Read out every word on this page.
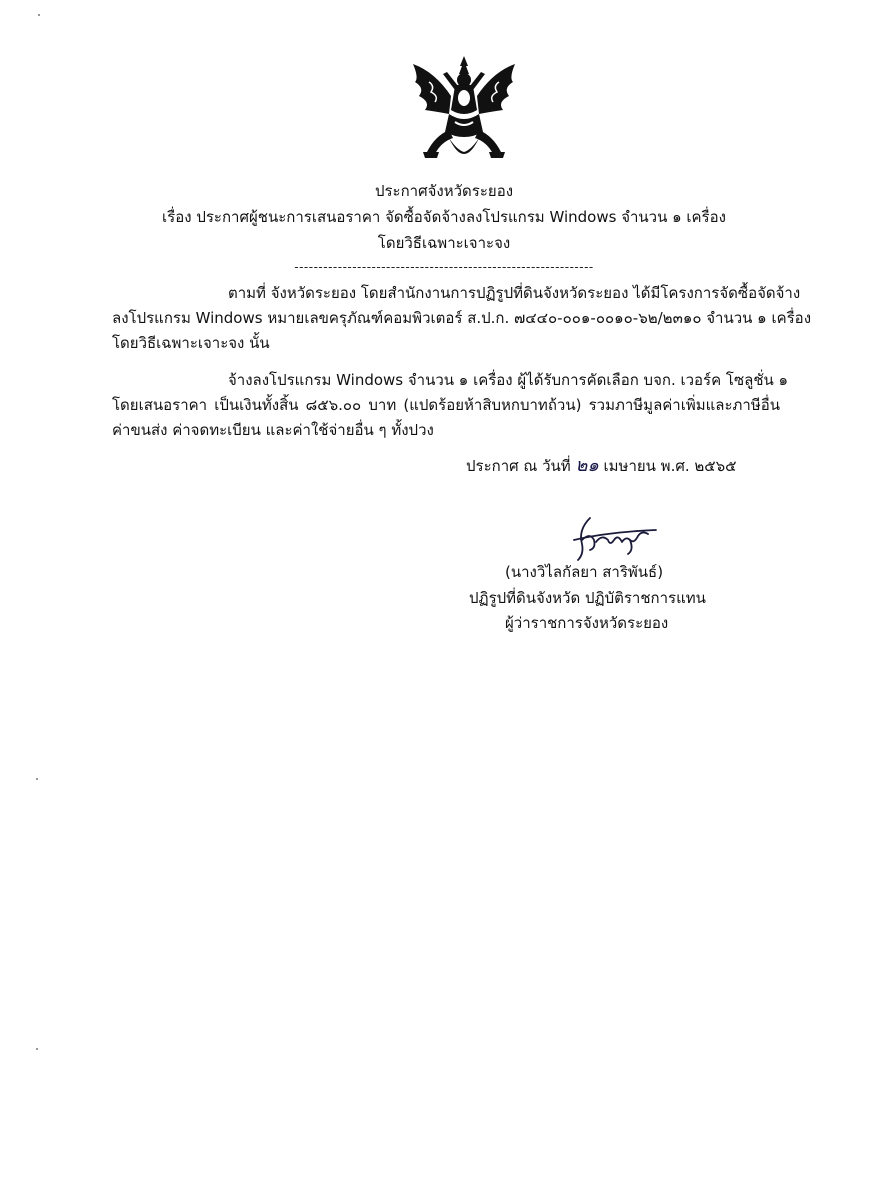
ประกาศจังหวัดระยอง
เรื่อง ประกาศผู้ชนะการเสนอราคา จัดซื้อจัดจ้างลงโปรแกรม Windows จำนวน ๑ เครื่อง
โดยวิธีเฉพาะเจาะจง
--------------------------------------------------------------
ตามที่ จังหวัดระยอง โดยสำนักงานการปฏิรูปที่ดินจังหวัดระยอง ได้มีโครงการจัดซื้อจัดจ้าง
ลงโปรแกรม Windows หมายเลขครุภัณฑ์คอมพิวเตอร์ ส.ป.ก. ๗๔๔๐-๐๐๑-๐๐๑๐-๖๒/๒๓๑๐ จำนวน ๑ เครื่อง
โดยวิธีเฉพาะเจาะจง นั้น
จ้างลงโปรแกรม Windows จำนวน ๑ เครื่อง ผู้ได้รับการคัดเลือก บจก. เวอร์ค โซลูชั่น ๑
โดยเสนอราคา เป็นเงินทั้งสิ้น ๘๕๖.๐๐ บาท (แปดร้อยห้าสิบหกบาทถ้วน) รวมภาษีมูลค่าเพิ่มและภาษีอื่น
ค่าขนส่ง ค่าจดทะเบียน และค่าใช้จ่ายอื่น ๆ ทั้งปวง
ประกาศ ณ วันที่ ๒๑ เมษายน พ.ศ. ๒๕๖๕
(นางวิไลกัลยา สาริพันธ์)
ปฏิรูปที่ดินจังหวัด ปฏิบัติราชการแทน
ผู้ว่าราชการจังหวัดระยอง
